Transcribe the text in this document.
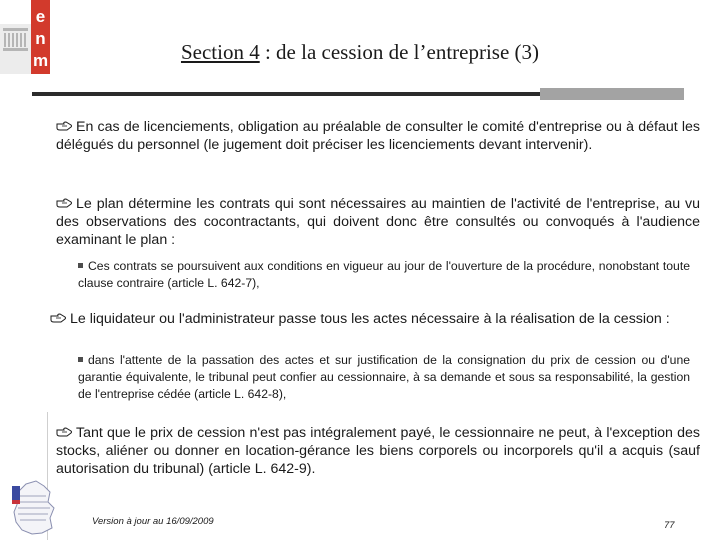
e
n
m	Section 4 : de la cession de l’entreprise (3)
En cas de licenciements, obligation au préalable de consulter le comité d'entreprise ou à défaut les délégués du personnel (le jugement doit préciser les licenciements devant intervenir).
Le plan détermine les contrats qui sont nécessaires au maintien de l'activité de l'entreprise, au vu des observations des cocontractants, qui doivent donc être consultés ou convoqués à l'audience examinant le plan :
Ces contrats se poursuivent aux conditions en vigueur au jour de l'ouverture de la procédure, nonobstant toute clause contraire (article L. 642-7),
Le liquidateur ou l'administrateur passe tous les actes nécessaire à la réalisation de la cession :
dans l'attente de la passation des actes et sur justification de la consignation du prix de cession ou d'une garantie équivalente, le tribunal peut confier au cessionnaire, à sa demande et sous sa responsabilité, la gestion de l'entreprise cédée (article L. 642-8),
Tant que le prix de cession n'est pas intégralement payé, le cessionnaire ne peut, à l'exception des stocks, aliéner ou donner en location-gérance les biens corporels ou incorporels qu'il a acquis (sauf autorisation du tribunal) (article L. 642-9).
Version à jour au 16/09/2009	77
